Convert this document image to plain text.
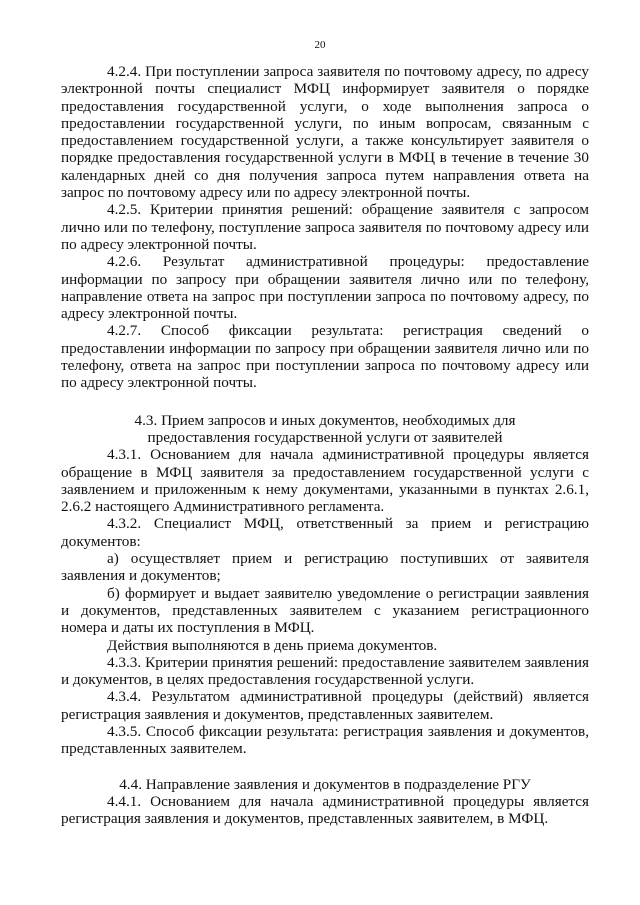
20

4.2.4. При поступлении запроса заявителя по почтовому адресу, по адресу электронной почты специалист МФЦ информирует заявителя о порядке предоставления государственной услуги, о ходе выполнения запроса о предоставлении государственной услуги, по иным вопросам, связанным с предоставлением государственной услуги, а также консультирует заявителя о порядке предоставления государственной услуги в МФЦ в течение в течение 30 календарных дней со дня получения запроса путем направления ответа на запрос по почтовому адресу или по адресу электронной почты.

4.2.5. Критерии принятия решений: обращение заявителя с запросом лично или по телефону, поступление запроса заявителя по почтовому адресу или по адресу электронной почты.

4.2.6. Результат административной процедуры: предоставление информации по запросу при обращении заявителя лично или по телефону, направление ответа на запрос при поступлении запроса по почтовому адресу, по адресу электронной почты.

4.2.7. Способ фиксации результата: регистрация сведений о предоставлении информации по запросу при обращении заявителя лично или по телефону, ответа на запрос при поступлении запроса по почтовому адресу или по адресу электронной почты.

4.3. Прием запросов и иных документов, необходимых для
предоставления государственной услуги от заявителей

4.3.1. Основанием для начала административной процедуры является обращение в МФЦ заявителя за предоставлением государственной услуги с заявлением и приложенным к нему документами, указанными в пунктах 2.6.1, 2.6.2 настоящего Административного регламента.

4.3.2. Специалист МФЦ, ответственный за прием и регистрацию документов:

а) осуществляет прием и регистрацию поступивших от заявителя заявления и документов;

б) формирует и выдает заявителю уведомление о регистрации заявления и документов, представленных заявителем с указанием регистрационного номера и даты их поступления в МФЦ.

Действия выполняются в день приема документов.

4.3.3. Критерии принятия решений: предоставление заявителем заявления и документов, в целях предоставления государственной услуги.

4.3.4. Результатом административной процедуры (действий) является регистрация заявления и документов, представленных заявителем.

4.3.5. Способ фиксации результата: регистрация заявления и документов, представленных заявителем.

4.4. Направление заявления и документов в подразделение РГУ

4.4.1. Основанием для начала административной процедуры является регистрация заявления и документов, представленных заявителем, в МФЦ.
